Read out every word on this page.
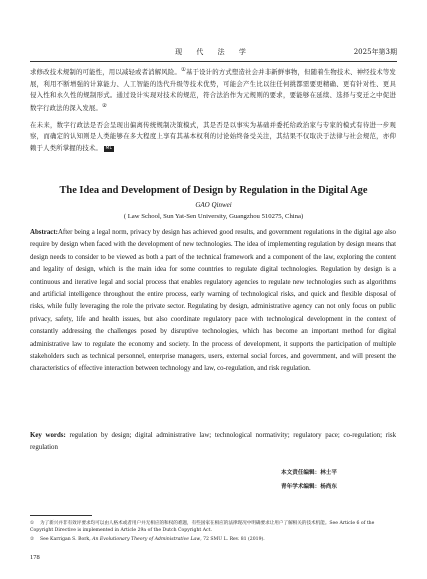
现 代 法 学	2025年第3期

求修改技术规制的可能性，用以减轻或者消解风险。①基于设计的方式塑造社会并非新鲜事物，但随着生物技术、神经技术等发展，利用不断增强的计算能力、人工智能的迭代升级等技术优势，可能会产生比以往任何挑都需要更精确、更有针对性、更具侵入性和永久性的规制形式。通过设计实现对技术的规范，符合法治作为元规则的要求，要能够在延续、选择与变迁之中促进数字行政法的深入发展。②

在未来，数字行政法是否会呈现出偏离传统规制决策模式，其是否是以事实为基础并委托给政治家与专家的模式有待进一步观察，而确定的认知则是人类能够在多大程度上享有其基本权利的讨论始终备受关注，其结果不仅取决于法律与社会规范，亦仰赖于人类所掌握的技术。 ML

The Idea and Development of Design by Regulation in the Digital Age
GAO Qinwei
( Law School, Sun Yat-Sen University, Guangzhou 510275, China)

Abstract:After being a legal norm, privacy by design has achieved good results, and government regulations in the digital age also require by design when faced with the development of new technologies. The idea of implementing regulation by design means that design needs to consider to be viewed as both a part of the technical framework and a component of the law, exploring the content and legality of design, which is the main idea for some countries to regulate digital technologies. Regulation by design is a continuous and iterative legal and social process that enables regulatory agencies to regulate new technologies such as algorithms and artificial intelligence throughout the entire process, early warning of technological risks, and quick and flexible disposal of risks, while fully leveraging the role the private sector. Regulating by design, administrative agency can not only focus on public privacy, safety, life and health issues, but also coordinate regulatory pace with technological development in the context of constantly addressing the challenges posed by disruptive technologies, which has become an important method for digital administrative law to regulate the economy and society. In the process of development, it supports the participation of multiple stakeholders such as technical personnel, enterprise managers, users, external social forces, and government, and will present the characteristics of effective interaction between technology and law, co-regulation, and risk regulation.

Key words: regulation by design; digital administrative law; technological normativity; regulatory pace; co-regulation; risk regulation

本文责任编辑：林士平
青年学术编辑：杨尚东

① 为了新兴并非有效评要求均可以由人格术或者用户并无相应的和权的难题，有些国家在相应的法律现况中明确要求让用户了解相关的技术机能。See Article 6 of the Copyright Directive is implemented in Article 29a of the Dutch Copyright Act.

② See Karrigan S. Bork, An Evolutionary Theory of Administrative Law, 72 SMU L. Rev. 81 (2019).

178
